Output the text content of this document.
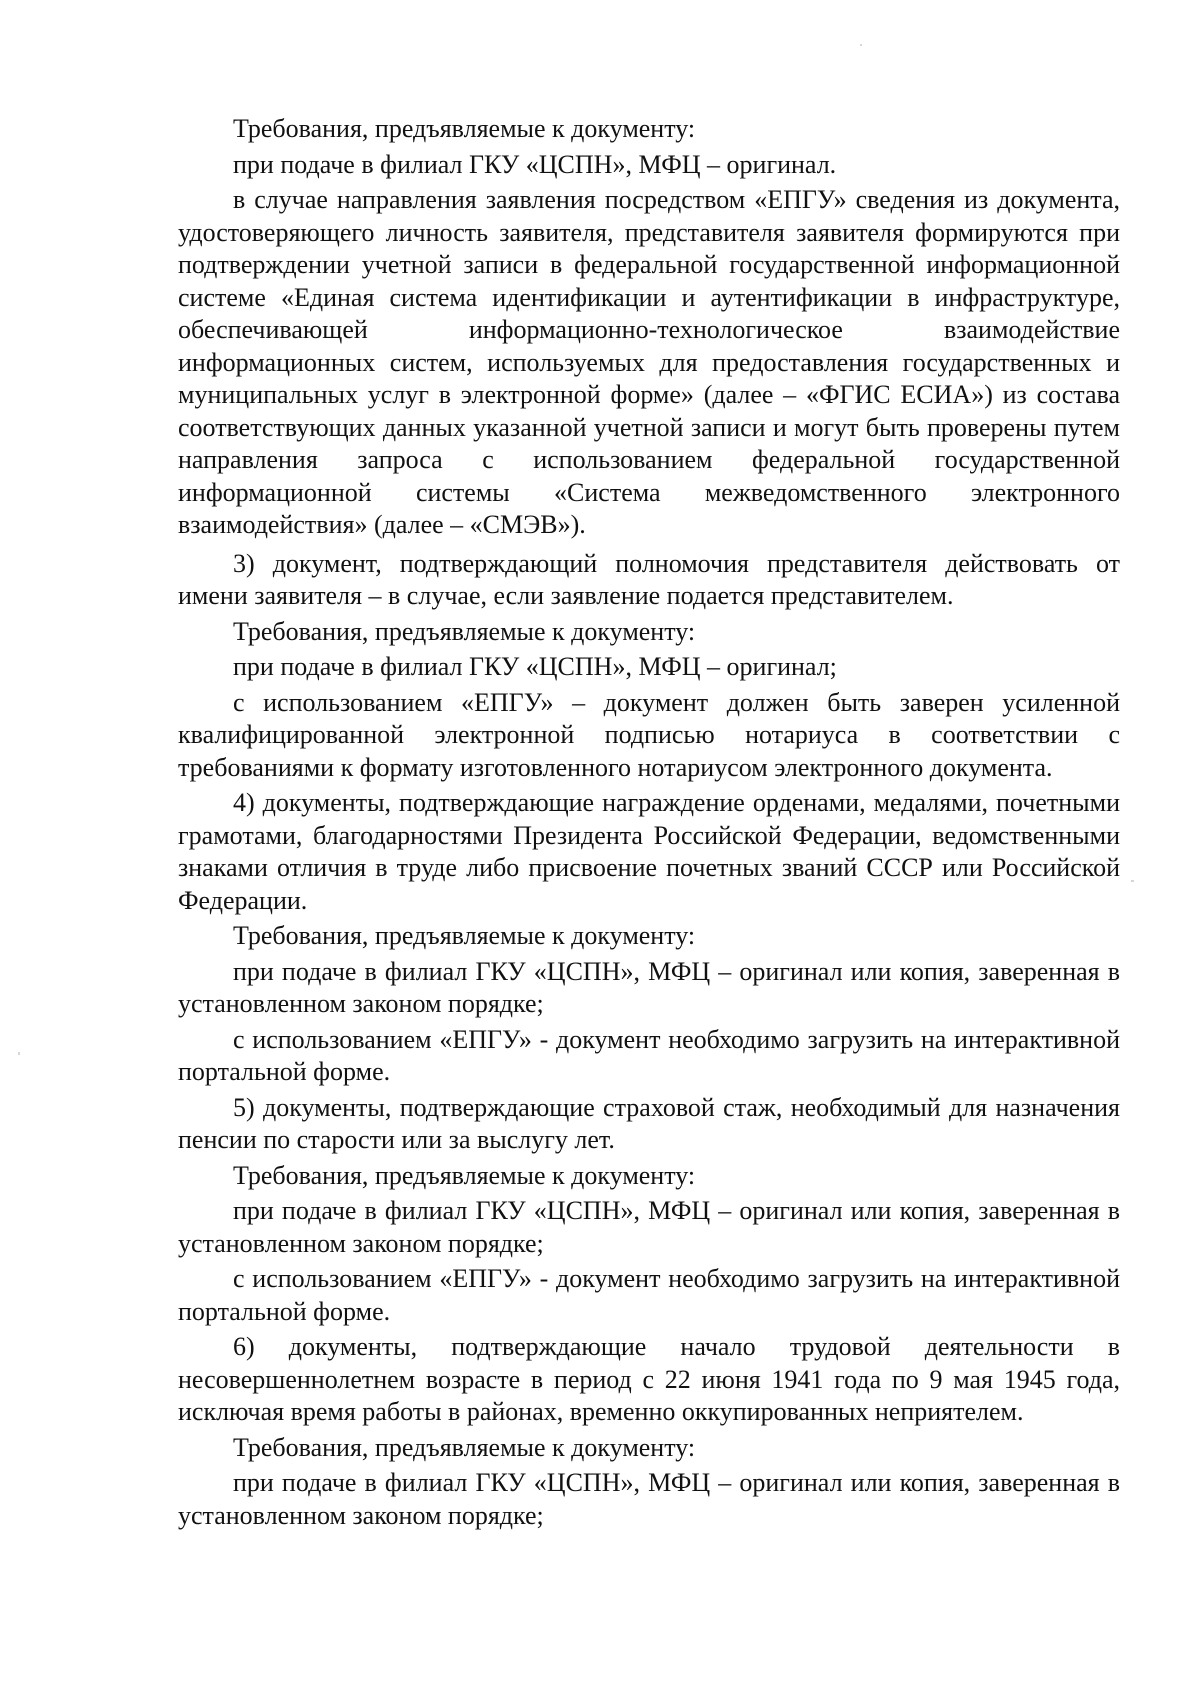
Требования, предъявляемые к документу:

при подаче в филиал ГКУ «ЦСПН», МФЦ – оригинал.

в случае направления заявления посредством «ЕПГУ» сведения из документа, удостоверяющего личность заявителя, представителя заявителя формируются при подтверждении учетной записи в федеральной государственной информационной системе «Единая система идентификации и аутентификации в инфраструктуре, обеспечивающей информационно-технологическое взаимодействие информационных систем, используемых для предоставления государственных и муниципальных услуг в электронной форме» (далее – «ФГИС ЕСИА») из состава соответствующих данных указанной учетной записи и могут быть проверены путем направления запроса с использованием федеральной государственной информационной системы «Система межведомственного электронного взаимодействия» (далее – «СМЭВ»).

3) документ, подтверждающий полномочия представителя действовать от имени заявителя – в случае, если заявление подается представителем.

Требования, предъявляемые к документу:

при подаче в филиал ГКУ «ЦСПН», МФЦ – оригинал;

с использованием «ЕПГУ» – документ должен быть заверен усиленной квалифицированной электронной подписью нотариуса в соответствии с требованиями к формату изготовленного нотариусом электронного документа.

4) документы, подтверждающие награждение орденами, медалями, почетными грамотами, благодарностями Президента Российской Федерации, ведомственными знаками отличия в труде либо присвоение почетных званий СССР или Российской Федерации.

Требования, предъявляемые к документу:

при подаче в филиал ГКУ «ЦСПН», МФЦ – оригинал или копия, заверенная в установленном законом порядке;

с использованием «ЕПГУ» - документ необходимо загрузить на интерактивной портальной форме.

5) документы, подтверждающие страховой стаж, необходимый для назначения пенсии по старости или за выслугу лет.

Требования, предъявляемые к документу:

при подаче в филиал ГКУ «ЦСПН», МФЦ – оригинал или копия, заверенная в установленном законом порядке;

с использованием «ЕПГУ» - документ необходимо загрузить на интерактивной портальной форме.

6) документы, подтверждающие начало трудовой деятельности в несовершеннолетнем возрасте в период с 22 июня 1941 года по 9 мая 1945 года, исключая время работы в районах, временно оккупированных неприятелем.

Требования, предъявляемые к документу:

при подаче в филиал ГКУ «ЦСПН», МФЦ – оригинал или копия, заверенная в установленном законом порядке;
